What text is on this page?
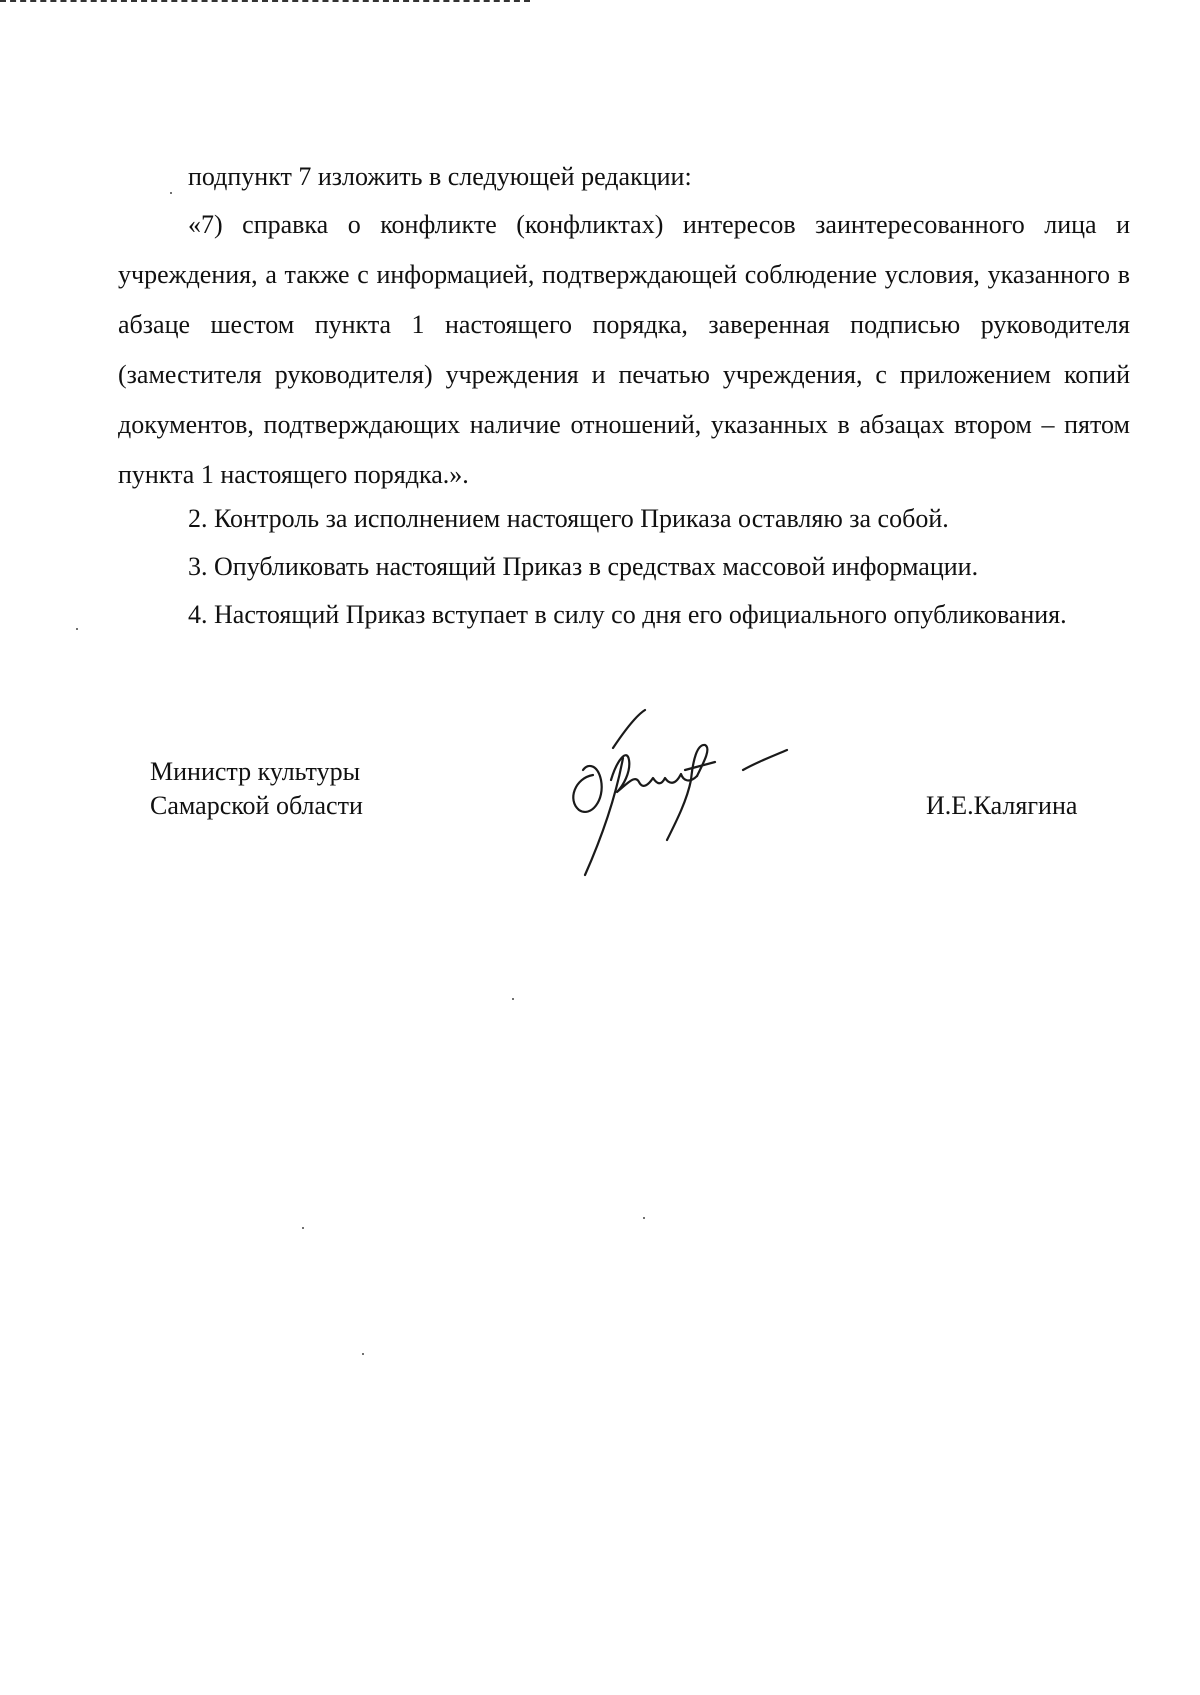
подпункт 7 изложить в следующей редакции:

«7) справка о конфликте (конфликтах) интересов заинтересованного лица и учреждения, а также с информацией, подтверждающей соблюдение условия, указанного в абзаце шестом пункта 1 настоящего порядка, заверенная подписью руководителя (заместителя руководителя) учреждения и печатью учреждения, с приложением копий документов, подтверждающих наличие отношений, указанных в абзацах втором – пятом пункта 1 настоящего порядка.».

2. Контроль за исполнением настоящего Приказа оставляю за собой.

3. Опубликовать настоящий Приказ в средствах массовой информации.

4. Настоящий Приказ вступает в силу со дня его официального опубликования.

Министр культуры
Самарской области	И.Е.Калягина
